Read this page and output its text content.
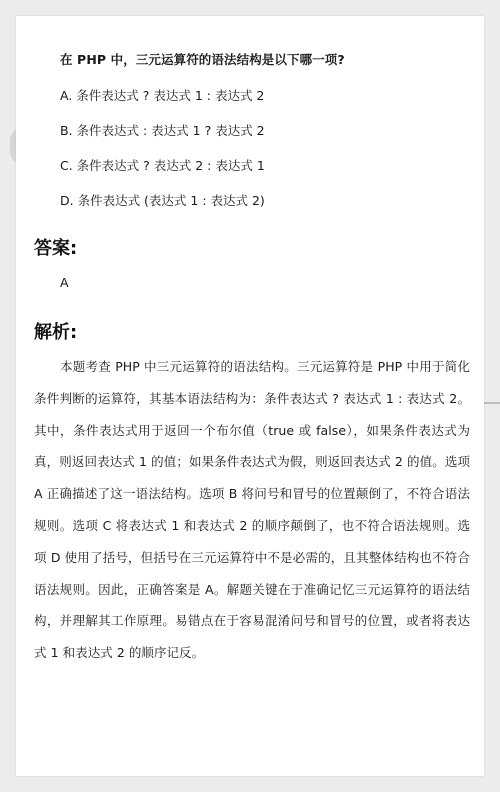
在 PHP 中，三元运算符的语法结构是以下哪一项?
A. 条件表达式 ? 表达式 1 : 表达式 2
B. 条件表达式 : 表达式 1 ? 表达式 2
C. 条件表达式 ? 表达式 2 : 表达式 1
D. 条件表达式 (表达式 1 : 表达式 2)
答案:
A
解析:
本题考查 PHP 中三元运算符的语法结构。三元运算符是 PHP 中用于简化条件判断的运算符，其基本语法结构为：条件表达式 ? 表达式 1 : 表达式 2。其中，条件表达式用于返回一个布尔值（true 或 false），如果条件表达式为真，则返回表达式 1 的值；如果条件表达式为假，则返回表达式 2 的值。选项 A 正确描述了这一语法结构。选项 B 将问号和冒号的位置颠倒了，不符合语法规则。选项 C 将表达式 1 和表达式 2 的顺序颠倒了，也不符合语法规则。选项 D 使用了括号，但括号在三元运算符中不是必需的，且其整体结构也不符合语法规则。因此，正确答案是 A。解题关键在于准确记忆三元运算符的语法结构，并理解其工作原理。易错点在于容易混淆问号和冒号的位置，或者将表达式 1 和表达式 2 的顺序记反。
